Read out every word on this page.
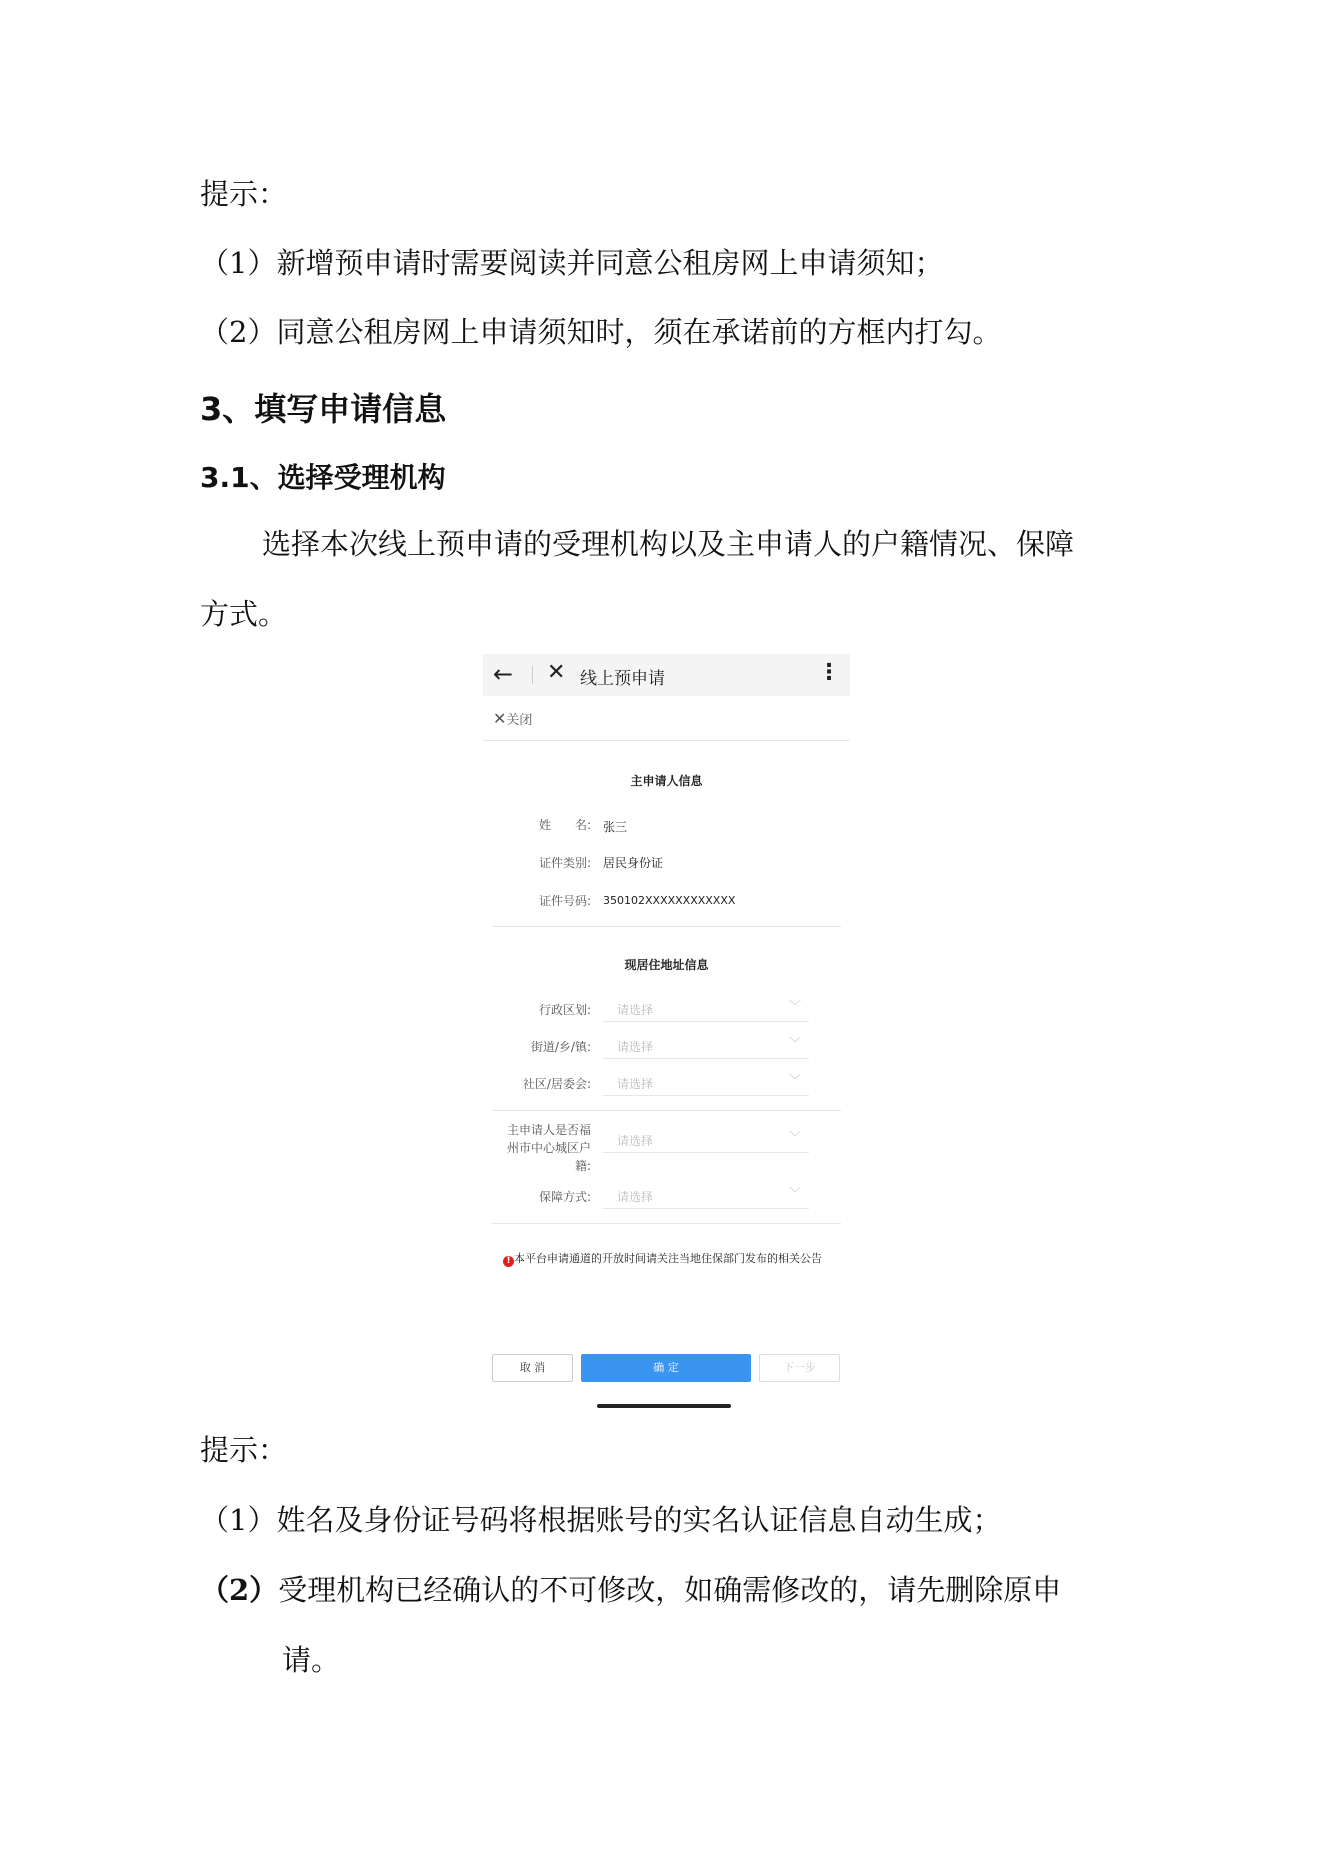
提示：
（1）新增预申请时需要阅读并同意公租房网上申请须知；
（2）同意公租房网上申请须知时，须在承诺前的方框内打勾。
3、填写申请信息
3.1、选择受理机构
选择本次线上预申请的受理机构以及主申请人的户籍情况、保障
方式。
← ✕ 线上预申请	⋮
✕关闭
主申请人信息
姓　　名: 张三
证件类别: 居民身份证
证件号码: 350102XXXXXXXXXXXX
现居住地址信息
行政区划: 请选择	﹀
街道/乡/镇: 请选择	﹀
社区/居委会: 请选择	﹀
主申请人是否福
州市中心城区户
籍:
请选择	﹀
保障方式: 请选择	﹀
! 本平台申请通道的开放时间请关注当地住保部门发布的相关公告
取 消	确 定	下一步
提示：
（1）姓名及身份证号码将根据账号的实名认证信息自动生成；
（2）受理机构已经确认的不可修改，如确需修改的，请先删除原申
请。
